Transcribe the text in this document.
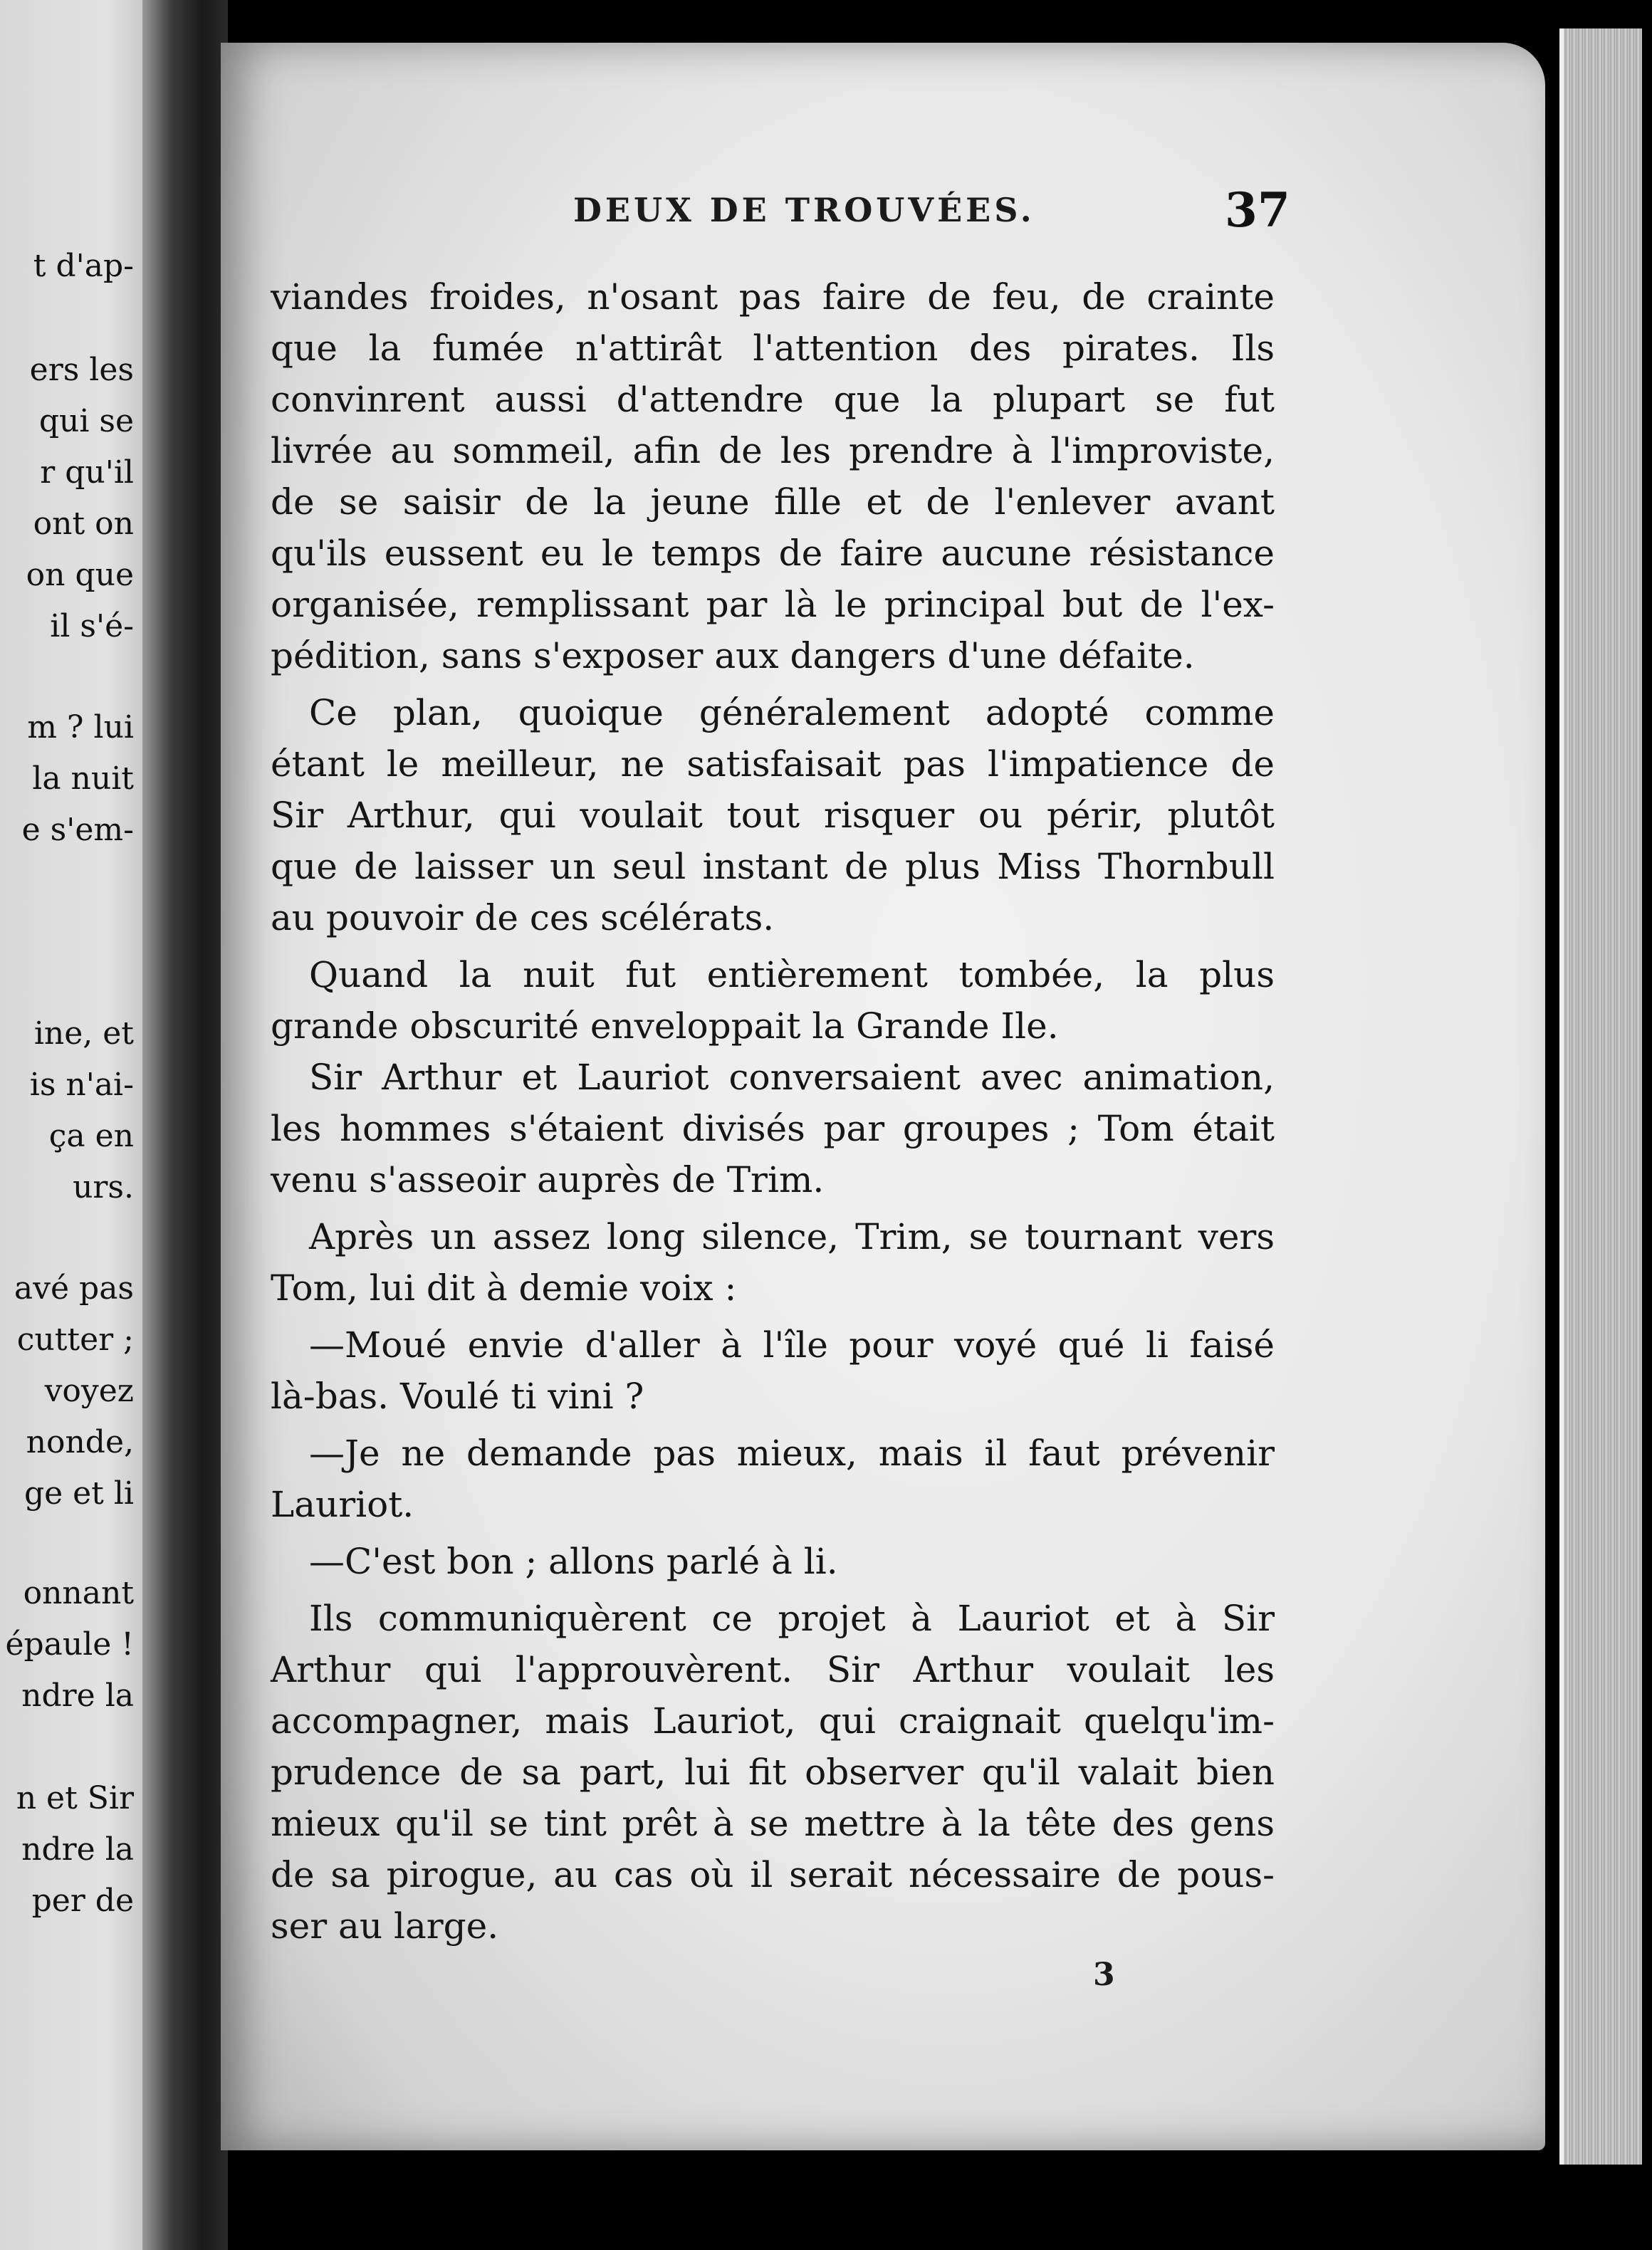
t d'ap-
ers les
qui se
r qu'il
ont on
on que
il s'é-
m ? lui
la nuit
e s'em-
ine, et
is n'ai-
ça en
urs.
avé pas
cutter ;
voyez
nonde,
ge et li
onnant
épaule !
ndre la
n et Sir
ndre la
per de
DEUX DE TROUVÉES.	37
viandes froides, n'osant pas faire de feu, de crainte
que la fumée n'attirât l'attention des pirates. Ils
convinrent aussi d'attendre que la plupart se fut
livrée au sommeil, afin de les prendre à l'improviste,
de se saisir de la jeune fille et de l'enlever avant
qu'ils eussent eu le temps de faire aucune résistance
organisée, remplissant par là le principal but de l'ex-
pédition, sans s'exposer aux dangers d'une défaite.
Ce plan, quoique généralement adopté comme
étant le meilleur, ne satisfaisait pas l'impatience de
Sir Arthur, qui voulait tout risquer ou périr, plutôt
que de laisser un seul instant de plus Miss Thornbull
au pouvoir de ces scélérats.
Quand la nuit fut entièrement tombée, la plus
grande obscurité enveloppait la Grande Ile.
Sir Arthur et Lauriot conversaient avec animation,
les hommes s'étaient divisés par groupes ; Tom était
venu s'asseoir auprès de Trim.
Après un assez long silence, Trim, se tournant vers
Tom, lui dit à demie voix :
—Moué envie d'aller à l'île pour voyé qué li faisé
là-bas. Voulé ti vini ?
—Je ne demande pas mieux, mais il faut prévenir
Lauriot.
—C'est bon ; allons parlé à li.
Ils communiquèrent ce projet à Lauriot et à Sir
Arthur qui l'approuvèrent. Sir Arthur voulait les
accompagner, mais Lauriot, qui craignait quelqu'im-
prudence de sa part, lui fit observer qu'il valait bien
mieux qu'il se tint prêt à se mettre à la tête des gens
de sa pirogue, au cas où il serait nécessaire de pous-
ser au large.
3
